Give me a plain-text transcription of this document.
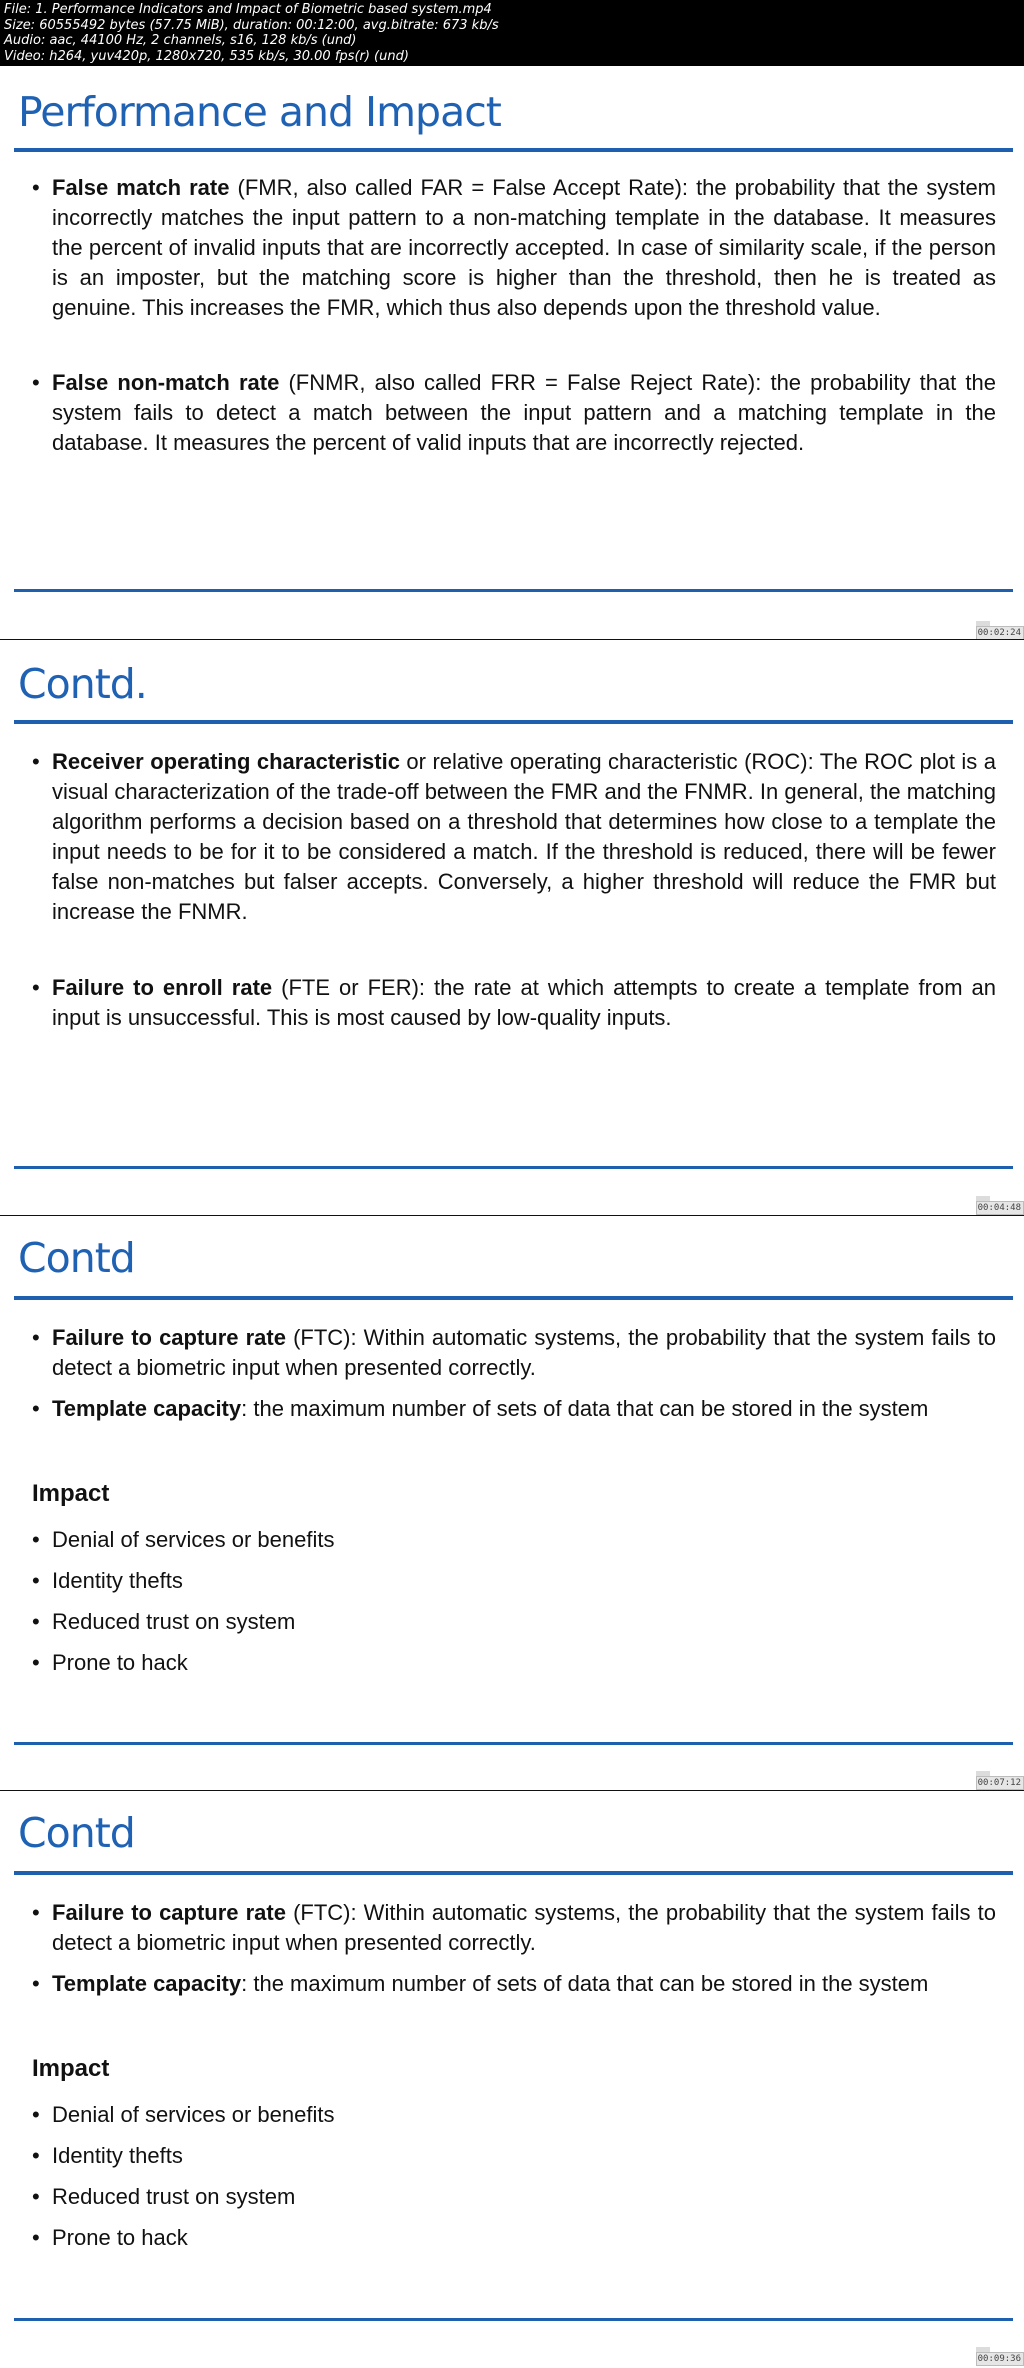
File: 1. Performance Indicators and Impact of Biometric based system.mp4
Size: 60555492 bytes (57.75 MiB), duration: 00:12:00, avg.bitrate: 673 kb/s
Audio: aac, 44100 Hz, 2 channels, s16, 128 kb/s (und)
Video: h264, yuv420p, 1280x720, 535 kb/s, 30.00 fps(r) (und)
Performance and Impact
• False match rate (FMR, also called FAR = False Accept Rate): the probability that the system incorrectly matches the input pattern to a non-matching template in the database. It measures the percent of invalid inputs that are incorrectly accepted. In case of similarity scale, if the person is an imposter, but the matching score is higher than the threshold, then he is treated as genuine. This increases the FMR, which thus also depends upon the threshold value.
• False non-match rate (FNMR, also called FRR = False Reject Rate): the probability that the system fails to detect a match between the input pattern and a matching template in the database. It measures the percent of valid inputs that are incorrectly rejected.
00:02:24
Contd.
• Receiver operating characteristic or relative operating characteristic (ROC): The ROC plot is a visual characterization of the trade-off between the FMR and the FNMR. In general, the matching algorithm performs a decision based on a threshold that determines how close to a template the input needs to be for it to be considered a match. If the threshold is reduced, there will be fewer false non-matches but falser accepts. Conversely, a higher threshold will reduce the FMR but increase the FNMR.
• Failure to enroll rate (FTE or FER): the rate at which attempts to create a template from an input is unsuccessful. This is most caused by low-quality inputs.
00:04:48
Contd
• Failure to capture rate (FTC): Within automatic systems, the probability that the system fails to detect a biometric input when presented correctly.
• Template capacity: the maximum number of sets of data that can be stored in the system
Impact
• Denial of services or benefits
• Identity thefts
• Reduced trust on system
• Prone to hack
00:07:12
Contd
• Failure to capture rate (FTC): Within automatic systems, the probability that the system fails to detect a biometric input when presented correctly.
• Template capacity: the maximum number of sets of data that can be stored in the system
Impact
• Denial of services or benefits
• Identity thefts
• Reduced trust on system
• Prone to hack
00:09:36
